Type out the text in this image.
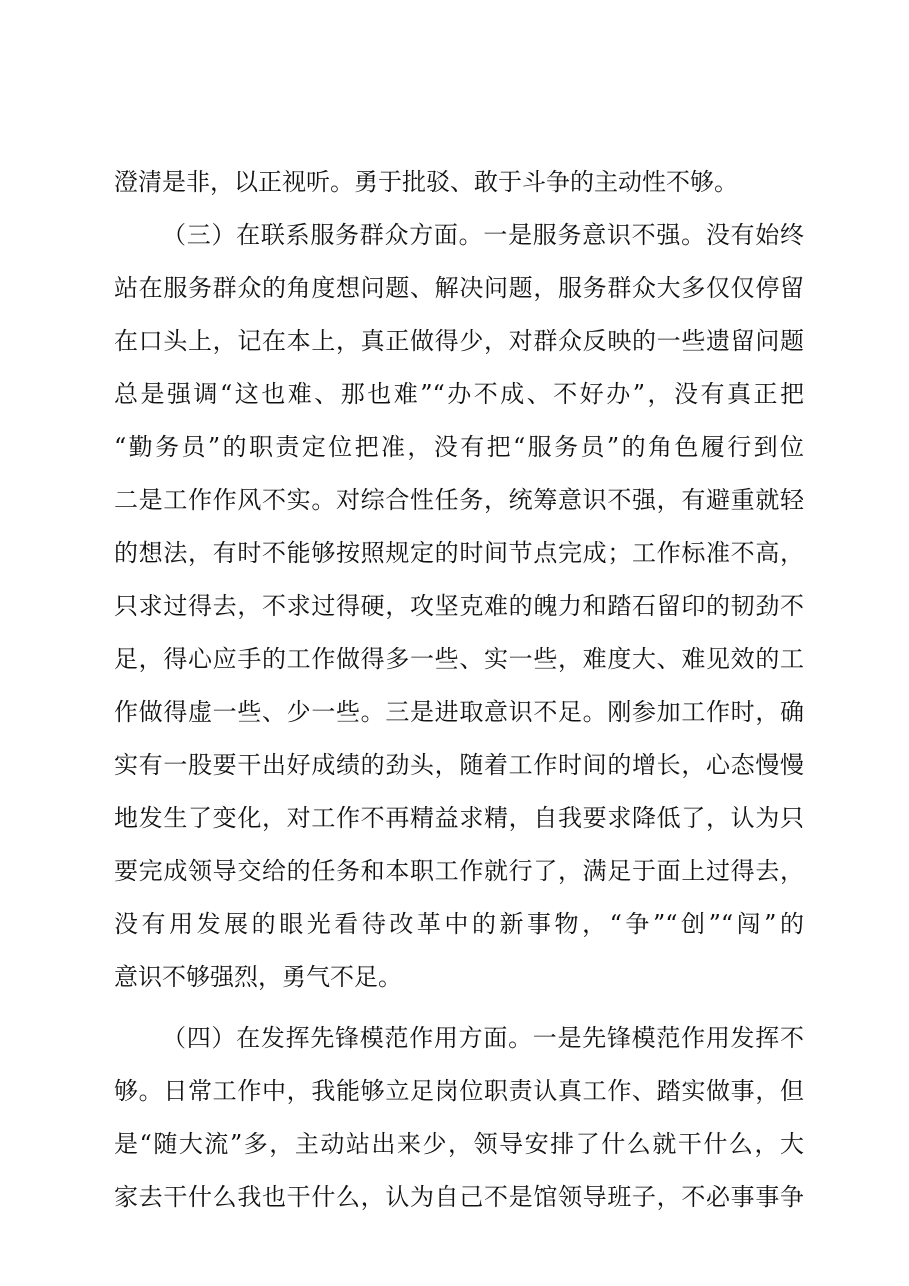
澄清是非，以正视听。勇于批驳、敢于斗争的主动性不够。
（三）在联系服务群众方面。一是服务意识不强。没有始终
站在服务群众的角度想问题、解决问题，服务群众大多仅仅停留
在口头上，记在本上，真正做得少，对群众反映的一些遗留问题
总是强调“这也难、那也难”“办不成、不好办”，没有真正把
“勤务员”的职责定位把准，没有把“服务员”的角色履行到位
二是工作作风不实。对综合性任务，统筹意识不强，有避重就轻
的想法，有时不能够按照规定的时间节点完成；工作标准不高，
只求过得去，不求过得硬，攻坚克难的魄力和踏石留印的韧劲不
足，得心应手的工作做得多一些、实一些，难度大、难见效的工
作做得虚一些、少一些。三是进取意识不足。刚参加工作时，确
实有一股要干出好成绩的劲头，随着工作时间的增长，心态慢慢
地发生了变化，对工作不再精益求精，自我要求降低了，认为只
要完成领导交给的任务和本职工作就行了，满足于面上过得去，
没有用发展的眼光看待改革中的新事物，“争”“创”“闯”的
意识不够强烈，勇气不足。
（四）在发挥先锋模范作用方面。一是先锋模范作用发挥不
够。日常工作中，我能够立足岗位职责认真工作、踏实做事，但
是“随大流”多，主动站出来少，领导安排了什么就干什么，大
家去干什么我也干什么，认为自己不是馆领导班子，不必事事争
